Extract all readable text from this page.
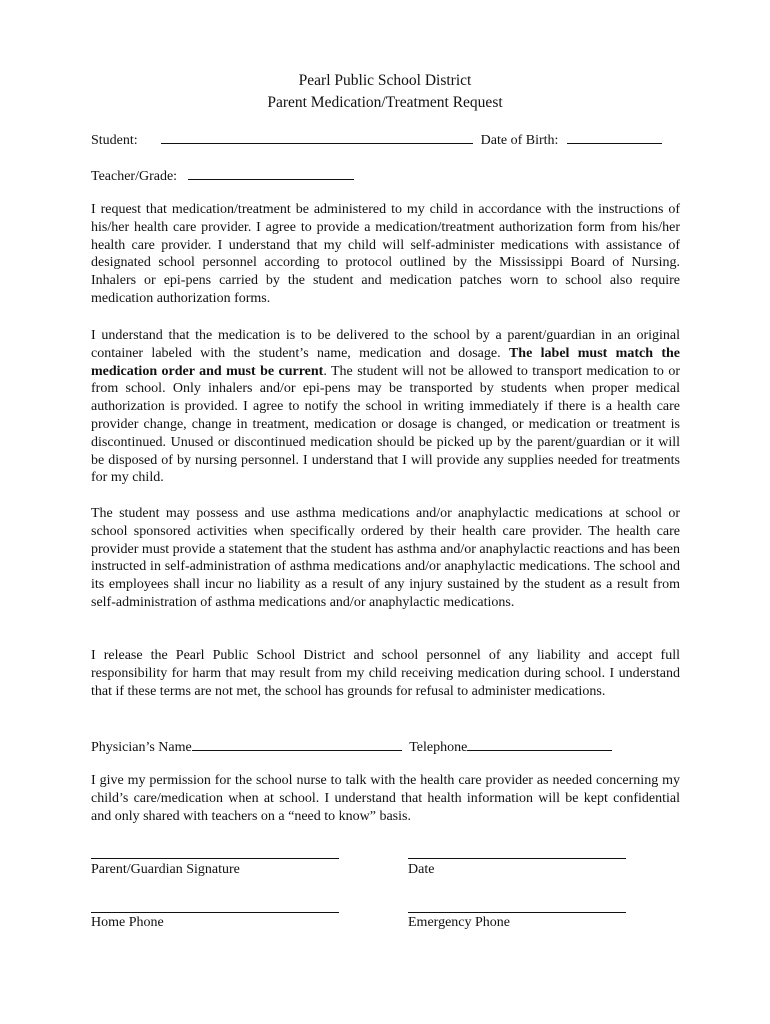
Pearl Public School District
Parent Medication/Treatment Request
Student:	Date of Birth:
Teacher/Grade:

I request that medication/treatment be administered to my child in accordance with the instructions of his/her health care provider. I agree to provide a medication/treatment authorization form from his/her health care provider. I understand that my child will self-administer medications with assistance of designated school personnel according to protocol outlined by the Mississippi Board of Nursing. Inhalers or epi-pens carried by the student and medication patches worn to school also require medication authorization forms.

I understand that the medication is to be delivered to the school by a parent/guardian in an original container labeled with the student’s name, medication and dosage. The label must match the medication order and must be current. The student will not be allowed to transport medication to or from school. Only inhalers and/or epi-pens may be transported by students when proper medical authorization is provided. I agree to notify the school in writing immediately if there is a health care provider change, change in treatment, medication or dosage is changed, or medication or treatment is discontinued. Unused or discontinued medication should be picked up by the parent/guardian or it will be disposed of by nursing personnel. I understand that I will provide any supplies needed for treatments for my child.

The student may possess and use asthma medications and/or anaphylactic medications at school or school sponsored activities when specifically ordered by their health care provider. The health care provider must provide a statement that the student has asthma and/or anaphylactic reactions and has been instructed in self-administration of asthma medications and/or anaphylactic medications. The school and its employees shall incur no liability as a result of any injury sustained by the student as a result from self-administration of asthma medications and/or anaphylactic medications.

I release the Pearl Public School District and school personnel of any liability and accept full responsibility for harm that may result from my child receiving medication during school. I understand that if these terms are not met, the school has grounds for refusal to administer medications.

Physician’s Name	Telephone

I give my permission for the school nurse to talk with the health care provider as needed concerning my child’s care/medication when at school. I understand that health information will be kept confidential and only shared with teachers on a “need to know” basis.

Parent/Guardian Signature	Date
Home Phone	Emergency Phone
